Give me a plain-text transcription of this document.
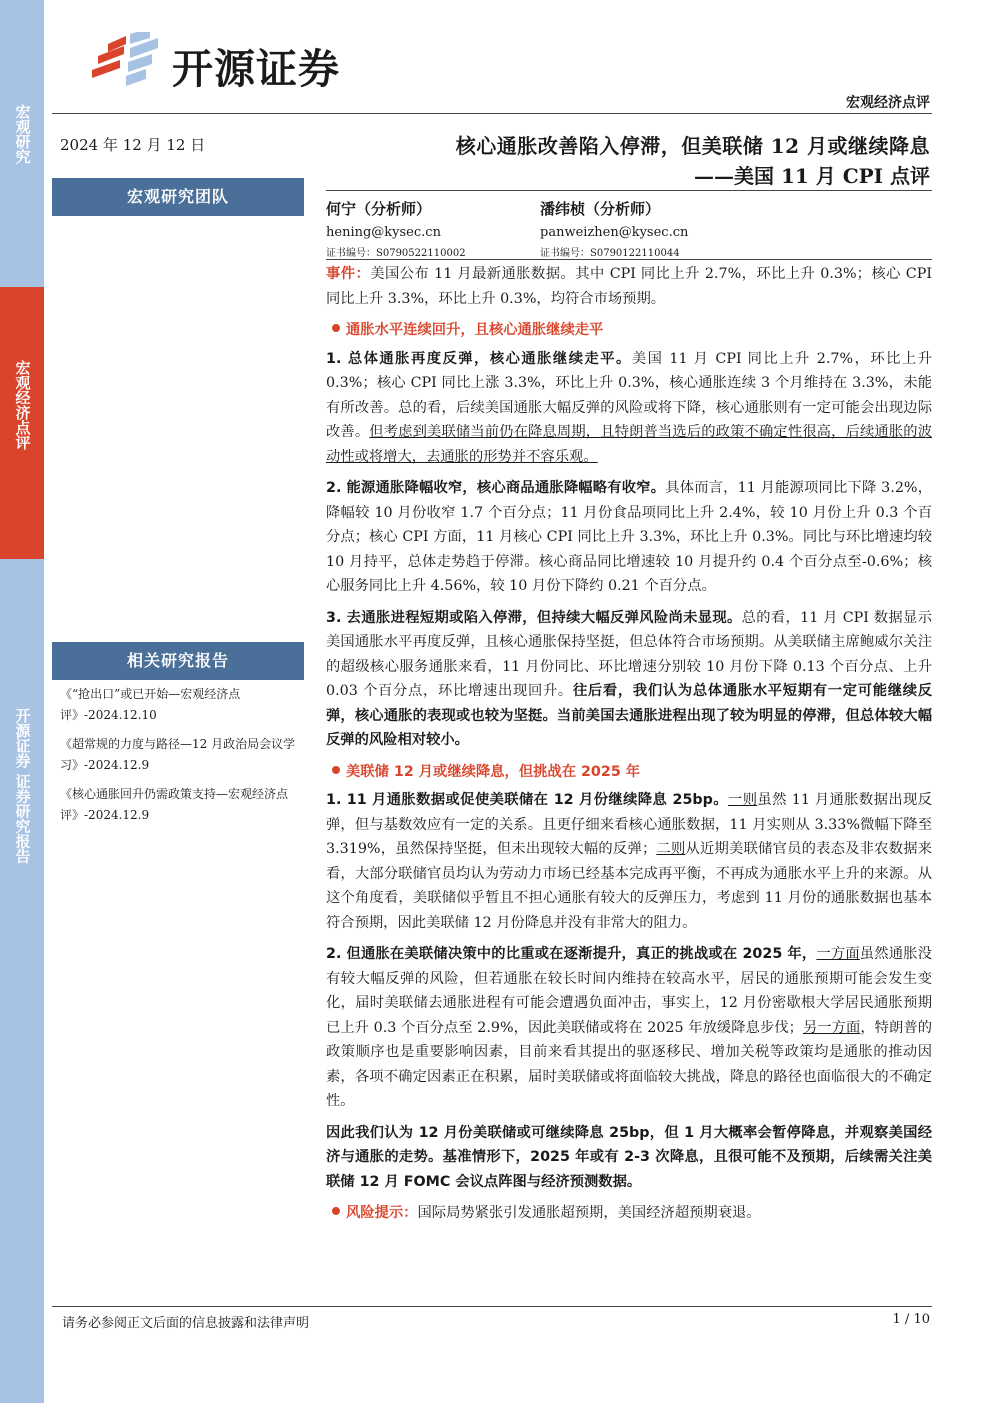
宏观研究
宏观经济点评
开源证券 证券研究报告
开源证券
宏观经济点评
2024 年 12 月 12 日
宏观研究团队
相关研究报告

《“抢出口”或已开始—宏观经济点评》-2024.12.10

《超常规的力度与路径—12 月政治局会议学习》-2024.12.9

《核心通胀回升仍需政策支持—宏观经济点评》-2024.12.9

核心通胀改善陷入停滞，但美联储 12 月或继续降息
——美国 11 月 CPI 点评
何宁（分析师）
hening@kysec.cn
证书编号：S0790522110002
潘纬桢（分析师）
panweizhen@kysec.cn
证书编号：S0790122110044

事件：美国公布 11 月最新通胀数据。其中 CPI 同比上升 2.7%，环比上升 0.3%；核心 CPI 同比上升 3.3%，环比上升 0.3%，均符合市场预期。

通胀水平连续回升，且核心通胀继续走平

1. 总体通胀再度反弹，核心通胀继续走平。美国 11 月 CPI 同比上升 2.7%，环比上升 0.3%；核心 CPI 同比上涨 3.3%，环比上升 0.3%，核心通胀连续 3 个月维持在 3.3%，未能有所改善。总的看，后续美国通胀大幅反弹的风险或将下降，核心通胀则有一定可能会出现边际改善。但考虑到美联储当前仍在降息周期，且特朗普当选后的政策不确定性很高，后续通胀的波动性或将增大，去通胀的形势并不容乐观。

2. 能源通胀降幅收窄，核心商品通胀降幅略有收窄。具体而言，11 月能源项同比下降 3.2%，降幅较 10 月份收窄 1.7 个百分点；11 月份食品项同比上升 2.4%，较 10 月份上升 0.3 个百分点；核心 CPI 方面，11 月核心 CPI 同比上升 3.3%，环比上升 0.3%。同比与环比增速均较 10 月持平，总体走势趋于停滞。核心商品同比增速较 10 月提升约 0.4 个百分点至-0.6%；核心服务同比上升 4.56%，较 10 月份下降约 0.21 个百分点。

3. 去通胀进程短期或陷入停滞，但持续大幅反弹风险尚未显现。总的看，11 月 CPI 数据显示美国通胀水平再度反弹，且核心通胀保持坚挺，但总体符合市场预期。从美联储主席鲍威尔关注的超级核心服务通胀来看，11 月份同比、环比增速分别较 10 月份下降 0.13 个百分点、上升 0.03 个百分点，环比增速出现回升。往后看，我们认为总体通胀水平短期有一定可能继续反弹，核心通胀的表现或也较为坚挺。当前美国去通胀进程出现了较为明显的停滞，但总体较大幅反弹的风险相对较小。

美联储 12 月或继续降息，但挑战在 2025 年

1. 11 月通胀数据或促使美联储在 12 月份继续降息 25bp。一则虽然 11 月通胀数据出现反弹，但与基数效应有一定的关系。且更仔细来看核心通胀数据，11 月实则从 3.33%微幅下降至 3.319%，虽然保持坚挺，但未出现较大幅的反弹；二则从近期美联储官员的表态及非农数据来看，大部分联储官员均认为劳动力市场已经基本完成再平衡，不再成为通胀水平上升的来源。从这个角度看，美联储似乎暂且不担心通胀有较大的反弹压力，考虑到 11 月份的通胀数据也基本符合预期，因此美联储 12 月份降息并没有非常大的阻力。

2. 但通胀在美联储决策中的比重或在逐渐提升，真正的挑战或在 2025 年，一方面虽然通胀没有较大幅反弹的风险，但若通胀在较长时间内维持在较高水平，居民的通胀预期可能会发生变化，届时美联储去通胀进程有可能会遭遇负面冲击，事实上，12 月份密歇根大学居民通胀预期已上升 0.3 个百分点至 2.9%，因此美联储或将在 2025 年放缓降息步伐；另一方面，特朗普的政策顺序也是重要影响因素，目前来看其提出的驱逐移民、增加关税等政策均是通胀的推动因素，各项不确定因素正在积累，届时美联储或将面临较大挑战，降息的路径也面临很大的不确定性。

因此我们认为 12 月份美联储或可继续降息 25bp，但 1 月大概率会暂停降息，并观察美国经济与通胀的走势。基准情形下，2025 年或有 2-3 次降息，且很可能不及预期，后续需关注美联储 12 月 FOMC 会议点阵图与经济预测数据。

风险提示：国际局势紧张引发通胀超预期，美国经济超预期衰退。

请务必参阅正文后面的信息披露和法律声明	1 / 10
